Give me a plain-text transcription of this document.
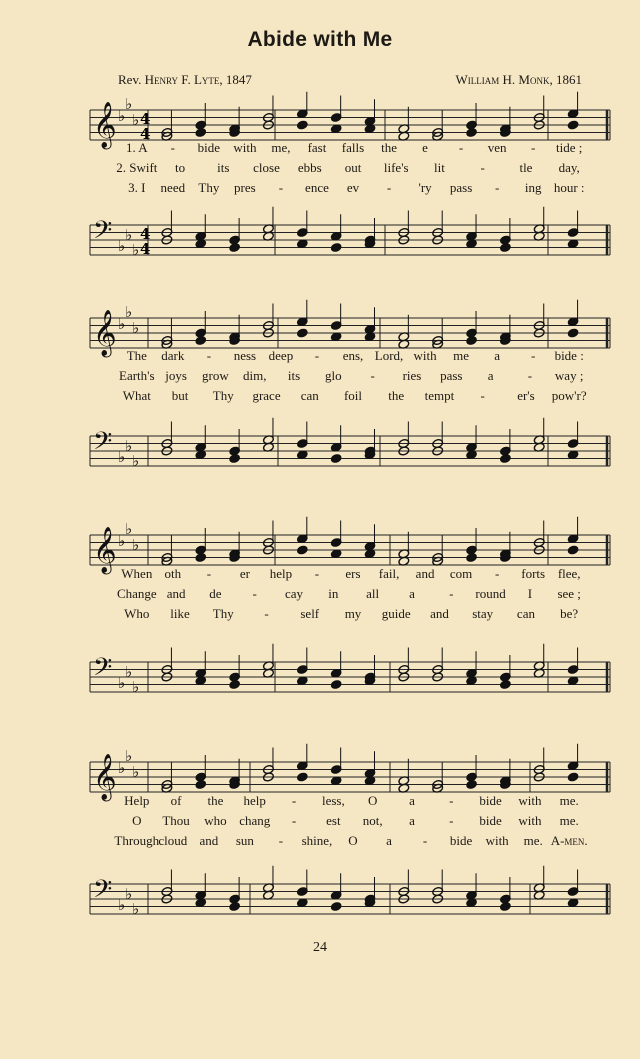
Abide with Me
Rev. Henry F. Lyte, 1847	William H. Monk, 1861
𝄞 ♭
♭
♭ 4
4
𝄢 ♭
♭
♭
4
4
𝄞 ♭
♭
♭
𝄢 ♭
♭
♭
𝄞 ♭
♭
♭
𝄢 ♭
♭
♭
𝄞 ♭
♭
♭
𝄢 ♭
♭
♭
1. A - bide with me, fast falls the e - ven - tide ;
2. Swift to its close ebbs out life's lit	-	tle day,
3. I need Thy pres - ence ev - 'ry pass - ing hour :
The dark - ness deep - ens, Lord, with me a - bide :
Earth's joys grow dim, its glo - ries pass a	- way ;
What but Thy grace can foil the tempt - er's pow'r?
When oth - er help - ers fail, and com - forts flee,
Change and de - cay in all a	- round I see ;
Who like Thy - self my guide and stay can be?
Help of the help - less, O a	- bide with me.
O Thou who chang - est not, a	- bide with me.
Through cloud and sun - shine, O a - bide with me. A-men.
24
